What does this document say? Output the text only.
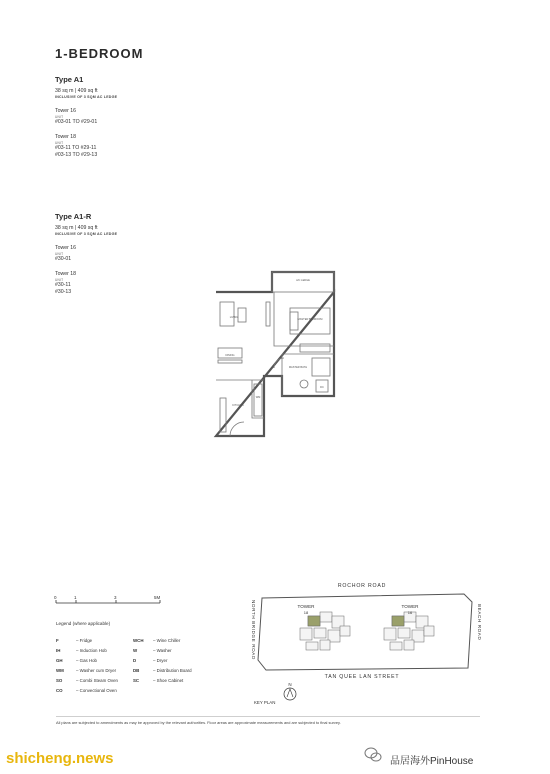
1-BEDROOM
Type A1
38 sq m | 409 sq ft
INCLUSIVE OF 3 SQM AC LEDGE
Tower 16
UNIT
#03-01 TO #29-01
Tower 18
UNIT
#03-11 TO #29-11
#03-13 TO #29-13
Type A1-R
38 sq m | 409 sq ft
INCLUSIVE OF 3 SQM AC LEDGE
Tower 16
UNIT
#30-01
Tower 18
UNIT
#30-11
#30-13
A/C LEDGE
MASTER BEDROOM
LIVING
DINING
KITCHEN
MASTER BATH
WM
DC
0	1	3	5M
Legend (where applicable)
F	– Fridge
IH	– Induction Hob
GH	– Gas Hob
WM	– Washer cum Dryer
SO	– Combi Steam Oven
CO	– Convectional Oven
WCH – Wine Chiller
W	– Washer
D	– Dryer
DB	– Distribution Board
SC	– Shoe Cabinet
ROCHOR ROAD
TAN QUEE LAN STREET
NORTH BRIDGE ROAD	BEACH ROAD
TOWER
18
TOWER
16
N
KEY PLAN
All plans are subjected to amendments as may be approved by the relevant authorities. Floor areas are approximate measurements and are subjected to final survey.
shicheng.news	品居海外PinHouse
